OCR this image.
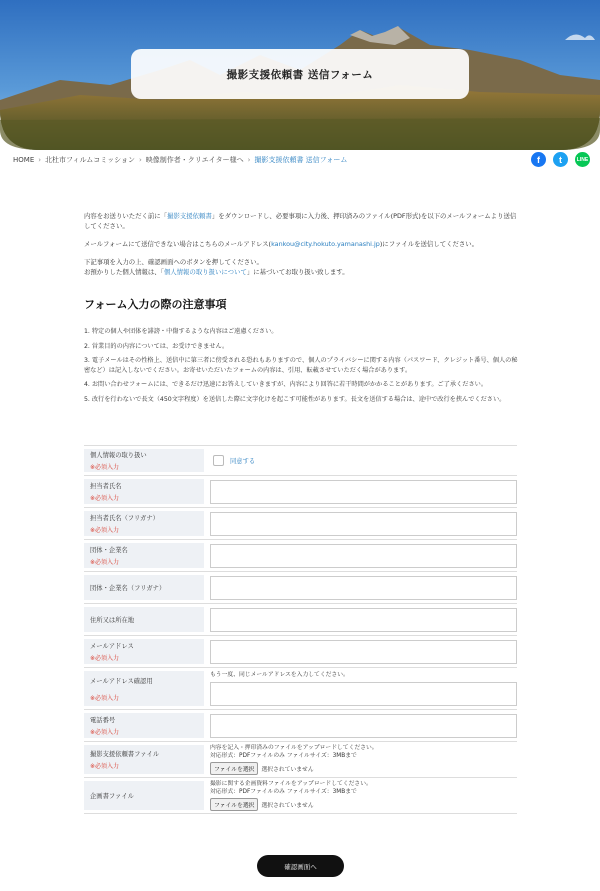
撮影支援依頼書 送信フォーム
HOME › 北杜市フィルムコミッション › 映像制作者・クリエイター様へ › 撮影支援依頼書 送信フォーム	f	t	LINE

内容をお送りいただく前に「撮影支援依頼書」をダウンロードし、必要事項に入力後、押印済みのファイル(PDF形式)を以下のメールフォームより送信してください。

メールフォームにて送信できない場合はこちらのメールアドレス(kankou@city.hokuto.yamanashi.jp)にファイルを送信してください。

下記事項を入力の上、確認画面へのボタンを押してください。
お預かりした個人情報は、「個人情報の取り扱いについて」に基づいてお取り扱い致します。

フォーム入力の際の注意事項
1. 特定の個人や団体を誹謗・中傷するような内容はご遠慮ください。
2. 営業目的の内容については、お受けできません。
3. 電子メールはその性格上、送信中に第三者に傍受される恐れもありますので、個人のプライバシーに関する内容（パスワード、クレジット番号、個人の秘密など）は記入しないでください。お寄せいただいたフォームの内容は、引用、転載させていただく場合があります。
4. お問い合わせフォームには、できるだけ迅速にお答えしていきますが、内容により回答に若干時間がかかることがあります。ご了承ください。
5. 改行を行わないで長文（450文字程度）を送信した際に文字化けを起こす可能性があります。長文を送信する場合は、途中で改行を挟んでください。
個人情報の取り扱い
※必須入力
同意する
担当者氏名
※必須入力
担当者氏名（フリガナ）
※必須入力
団体・企業名
※必須入力
団体・企業名（フリガナ）
住所又は所在地
メールアドレス
※必須入力
メールアドレス確認用
※必須入力
もう一度、同じメールアドレスを入力してください。
電話番号
※必須入力
撮影支援依頼書ファイル
※必須入力
内容を記入・押印済みのファイルをアップロードしてください。
対応形式：PDFファイルのみ ファイルサイズ：3MBまで
ファイルを選択	選択されていません
企画書ファイル
撮影に関する企画資料ファイルをアップロードしてください。
対応形式：PDFファイルのみ ファイルサイズ：3MBまで
ファイルを選択	選択されていません
確認画面へ
